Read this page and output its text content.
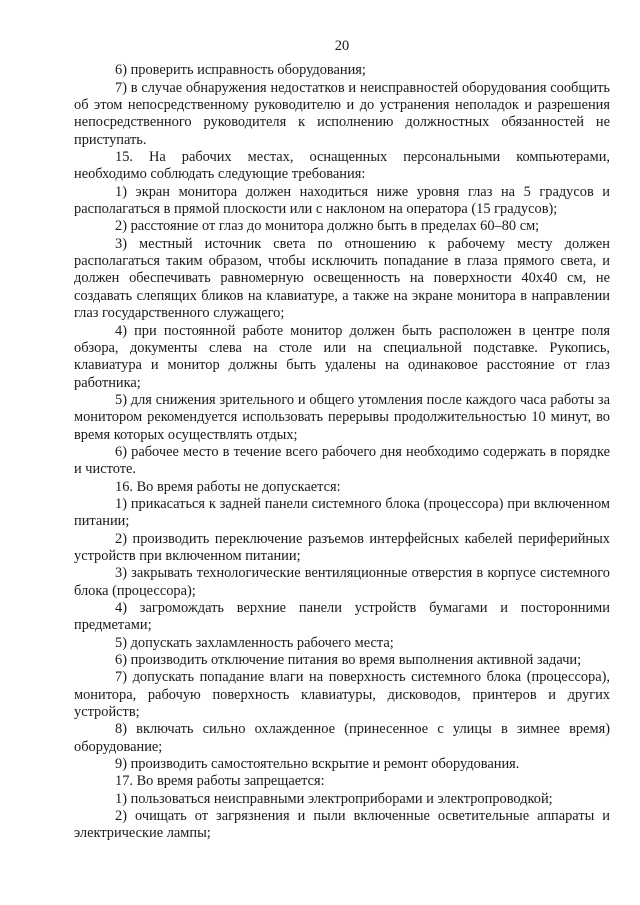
20

6) проверить исправность оборудования;

7) в случае обнаружения недостатков и неисправностей оборудования сообщить об этом непосредственному руководителю и до устранения неполадок и разрешения непосредственного руководителя к исполнению должностных обязанностей не приступать.

15. На рабочих местах, оснащенных персональными компьютерами, необходимо соблюдать следующие требования:

1) экран монитора должен находиться ниже уровня глаз на 5 градусов и располагаться в прямой плоскости или с наклоном на оператора (15 градусов);

2) расстояние от глаз до монитора должно быть в пределах 60–80 см;

3) местный источник света по отношению к рабочему месту должен располагаться таким образом, чтобы исключить попадание в глаза прямого света, и должен обеспечивать равномерную освещенность на поверхности 40х40 см, не создавать слепящих бликов на клавиатуре, а также на экране монитора в направлении глаз государственного служащего;

4) при постоянной работе монитор должен быть расположен в центре поля обзора, документы слева на столе или на специальной подставке. Рукопись, клавиатура и монитор должны быть удалены на одинаковое расстояние от глаз работника;

5) для снижения зрительного и общего утомления после каждого часа работы за монитором рекомендуется использовать перерывы продолжительностью 10 минут, во время которых осуществлять отдых;

6) рабочее место в течение всего рабочего дня необходимо содержать в порядке и чистоте.

16. Во время работы не допускается:

1) прикасаться к задней панели системного блока (процессора) при включенном питании;

2) производить переключение разъемов интерфейсных кабелей периферийных устройств при включенном питании;

3) закрывать технологические вентиляционные отверстия в корпусе системного блока (процессора);

4) загромождать верхние панели устройств бумагами и посторонними предметами;

5) допускать захламленность рабочего места;

6) производить отключение питания во время выполнения активной задачи;

7) допускать попадание влаги на поверхность системного блока (процессора), монитора, рабочую поверхность клавиатуры, дисководов, принтеров и других устройств;

8) включать сильно охлажденное (принесенное с улицы в зимнее время) оборудование;

9) производить самостоятельно вскрытие и ремонт оборудования.

17. Во время работы запрещается:

1) пользоваться неисправными электроприборами и электропроводкой;

2) очищать от загрязнения и пыли включенные осветительные аппараты и электрические лампы;
